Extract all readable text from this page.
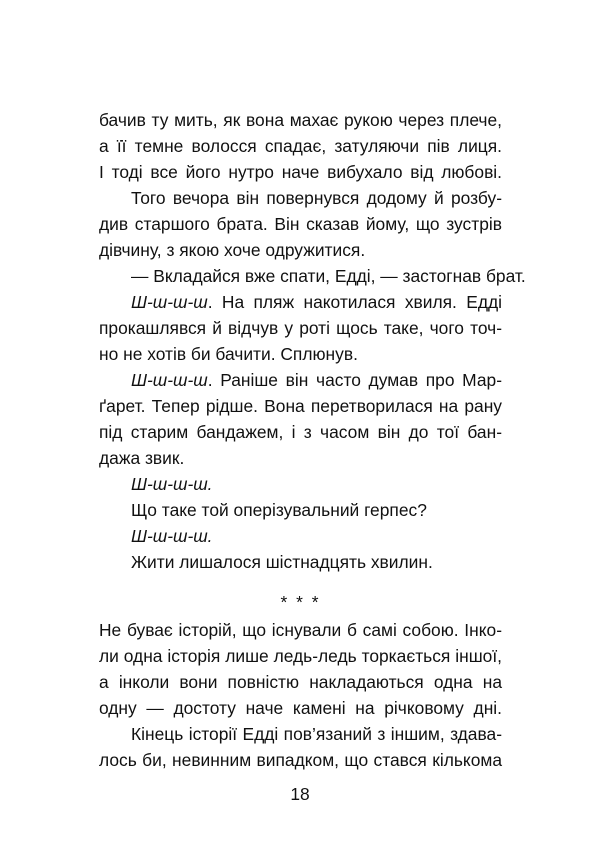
бачив ту мить, як вона махає рукою через плече,
а її темне волосся спадає, затуляючи пів лиця.
І тоді все його нутро наче вибухало від любові.
Того вечора він повернувся додому й розбу-
див старшого брата. Він сказав йому, що зустрів
дівчину, з якою хоче одружитися.
— Вкладайся вже спати, Едді, — застогнав брат.
Ш-ш-ш-ш. На пляж накотилася хвиля. Едді
прокашлявся й відчув у роті щось таке, чого точ-
но не хотів би бачити. Сплюнув.
Ш-ш-ш-ш. Раніше він часто думав про Мар-
ґарет. Тепер рідше. Вона перетворилася на рану
під старим бандажем, і з часом він до тої бан-
дажа звик.
Ш-ш-ш-ш.
Що таке той оперізувальний герпес?
Ш-ш-ш-ш.
Жити лишалося шістнадцять хвилин.
* * *
Не буває історій, що існували б самі собою. Інко-
ли одна історія лише ледь-ледь торкається іншої,
а інколи вони повністю накладаються одна на
одну — достоту наче камені на річковому дні.
Кінець історії Едді пов’язаний з іншим, здава-
лось би, невинним випадком, що стався кількома
18
